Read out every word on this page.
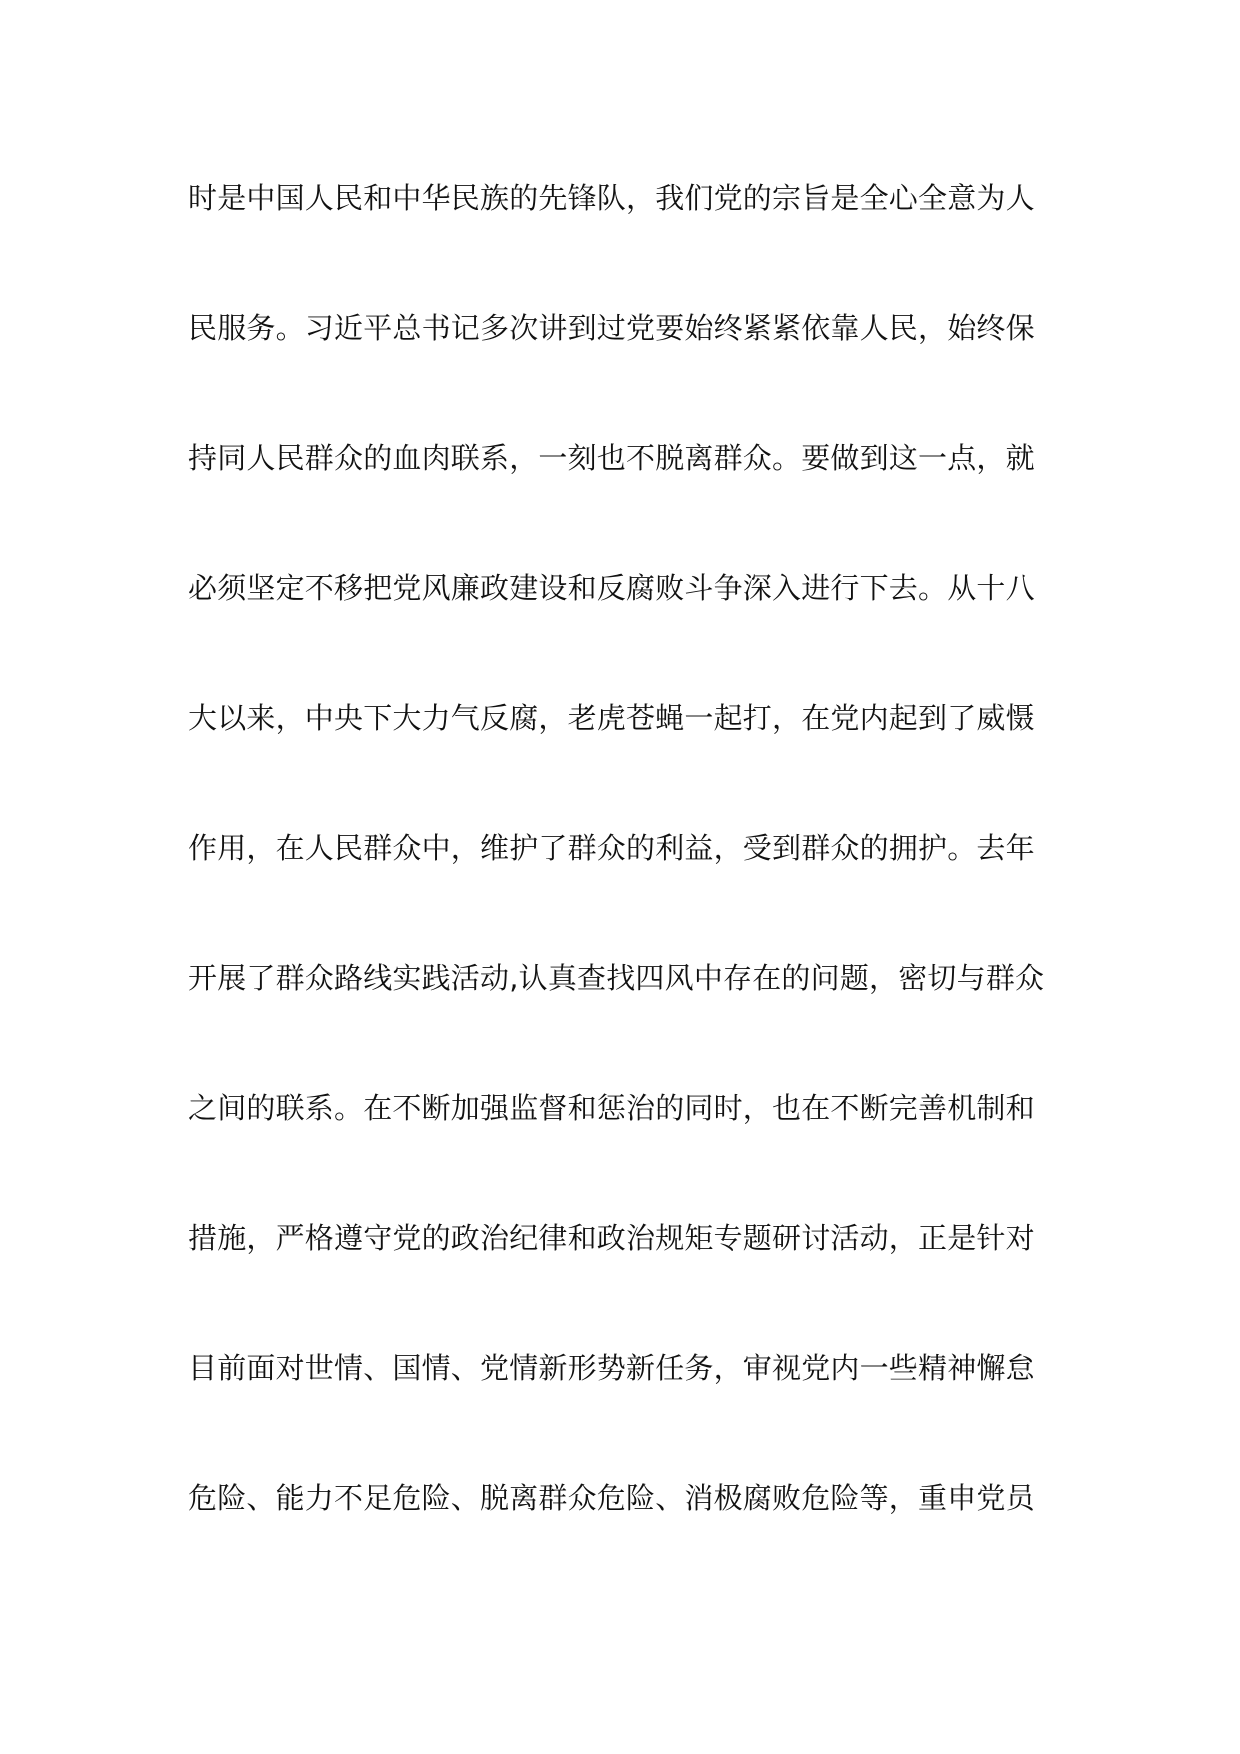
时是中国人民和中华民族的先锋队，我们党的宗旨是全心全意为人
民服务。习近平总书记多次讲到过党要始终紧紧依靠人民，始终保
持同人民群众的血肉联系，一刻也不脱离群众。要做到这一点，就
必须坚定不移把党风廉政建设和反腐败斗争深入进行下去。从十八
大以来，中央下大力气反腐，老虎苍蝇一起打，在党内起到了威慑
作用，在人民群众中，维护了群众的利益，受到群众的拥护。去年
开展了群众路线实践活动,认真查找四风中存在的问题，密切与群众
之间的联系。在不断加强监督和惩治的同时，也在不断完善机制和
措施，严格遵守党的政治纪律和政治规矩专题研讨活动，正是针对
目前面对世情、国情、党情新形势新任务，审视党内一些精神懈怠
危险、能力不足危险、脱离群众危险、消极腐败危险等，重申党员
